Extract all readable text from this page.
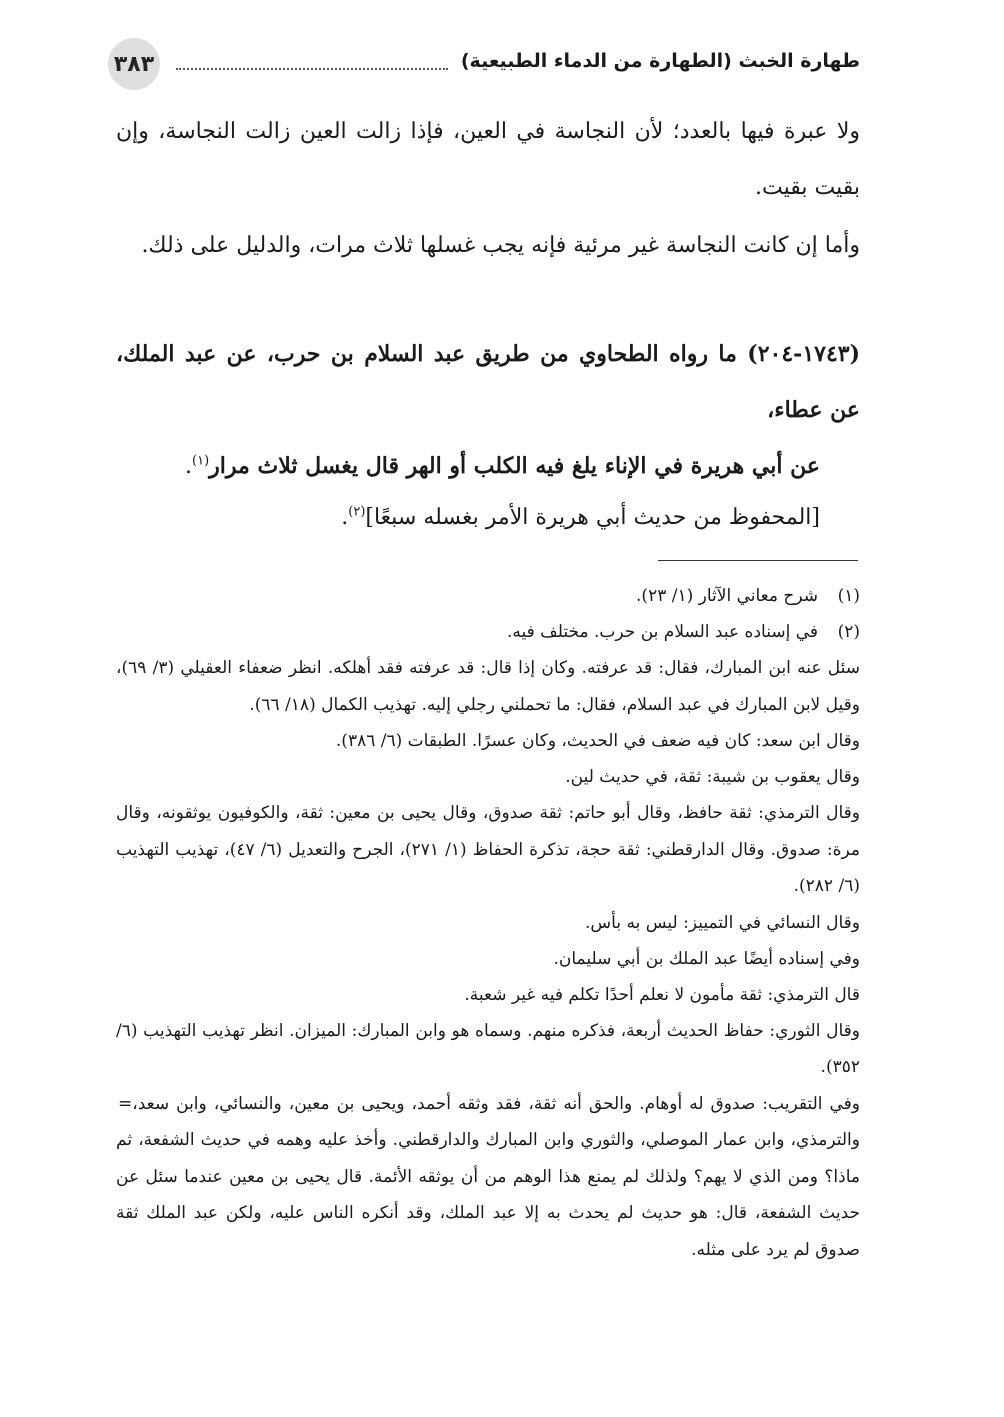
٣٨٣	طهارة الخبث (الطهارة من الدماء الطبيعية)

ولا عبرة فيها بالعدد؛ لأن النجاسة في العين، فإذا زالت العين زالت النجاسة، وإن بقيت بقيت.

وأما إن كانت النجاسة غير مرئية فإنه يجب غسلها ثلاث مرات، والدليل على ذلك.

(١٧٤٣-٢٠٤) ما رواه الطحاوي من طريق عبد السلام بن حرب، عن عبد الملك، عن عطاء،

عن أبي هريرة في الإناء يلغ فيه الكلب أو الهر قال يغسل ثلاث مرار$^{(١)}$.

[المحفوظ من حديث أبي هريرة الأمر بغسله سبعًا]$^{(٢)}$.

(١)شرح معاني الآثار (١/ ٢٣).

(٢)في إسناده عبد السلام بن حرب. مختلف فيه.

سئل عنه ابن المبارك، فقال: قد عرفته. وكان إذا قال: قد عرفته فقد أهلكه. انظر ضعفاء العقيلي (٣/ ٦٩)، وقيل لابن المبارك في عبد السلام، فقال: ما تحملني رجلي إليه. تهذيب الكمال (١٨/ ٦٦).

وقال ابن سعد: كان فيه ضعف في الحديث، وكان عسرًا. الطبقات (٦/ ٣٨٦).

وقال يعقوب بن شيبة: ثقة، في حديث لين.

وقال الترمذي: ثقة حافظ، وقال أبو حاتم: ثقة صدوق، وقال يحيى بن معين: ثقة، والكوفيون يوثقونه، وقال مرة: صدوق. وقال الدارقطني: ثقة حجة، تذكرة الحفاظ (١/ ٢٧١)، الجرح والتعديل (٦/ ٤٧)، تهذيب التهذيب (٦/ ٢٨٢).

وقال النسائي في التمييز: ليس به بأس.

وفي إسناده أيضًا عبد الملك بن أبي سليمان.

قال الترمذي: ثقة مأمون لا نعلم أحدًا تكلم فيه غير شعبة.

وقال الثوري: حفاظ الحديث أربعة، فذكره منهم. وسماه هو وابن المبارك: الميزان. انظر تهذيب التهذيب (٦/ ٣٥٢).

= وفي التقريب: صدوق له أوهام. والحق أنه ثقة، فقد وثقه أحمد، ويحيى بن معين، والنسائي، وابن سعد، والترمذي، وابن عمار الموصلي، والثوري وابن المبارك والدارقطني. وأخذ عليه وهمه في حديث الشفعة، ثم ماذا؟ ومن الذي لا يهم؟ ولذلك لم يمنع هذا الوهم من أن يوثقه الأئمة. قال يحيى بن معين عندما سئل عن حديث الشفعة، قال: هو حديث لم يحدث به إلا عبد الملك، وقد أنكره الناس عليه، ولكن عبد الملك ثقة صدوق لم يرد على مثله.
